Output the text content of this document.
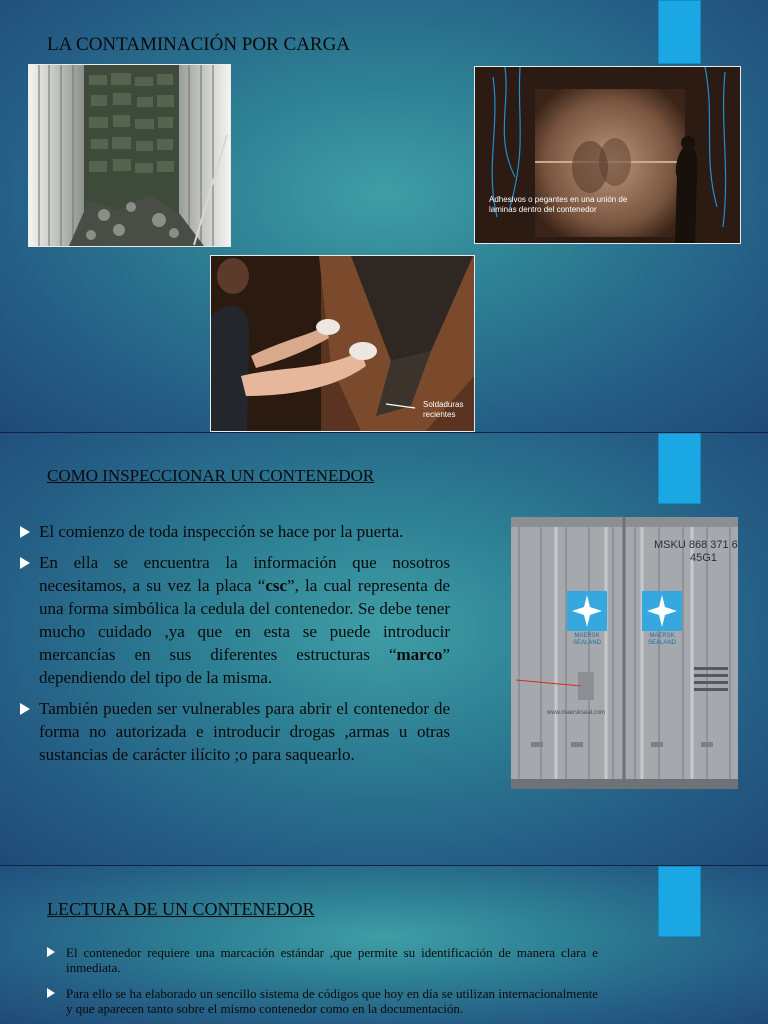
LA CONTAMINACIÓN POR CARGA
Adhesivos o pegantes en una unión de laminas dentro del contenedor
Soldaduras recientes
COMO INSPECCIONAR UN CONTENEDOR
El comienzo de toda inspección se hace por la puerta.
En ella se encuentra la información que nosotros necesitamos, a su vez la placa “csc”, la cual representa de una forma simbólica la cedula del contenedor. Se debe tener mucho cuidado ,ya que en esta se puede introducir mercancías en sus diferentes estructuras “marco” dependiendo del tipo de la misma.
También pueden ser vulnerables para abrir el contenedor de forma no autorizada e introducir drogas ,armas u otras sustancias de carácter ilícito ;o para saquearlo.
MSKU 868 371 6
45G1
MAERSK SEALAND
MAERSK SEALAND
www.maerskseal.com
LECTURA DE UN CONTENEDOR
El contenedor requiere una marcación estándar ,que permite su identificación de manera clara e inmediata.
Para ello se ha elaborado un sencillo sistema de códigos que hoy en día se utilizan internacionalmente y que aparecen tanto sobre el mismo contenedor como en la documentación.
